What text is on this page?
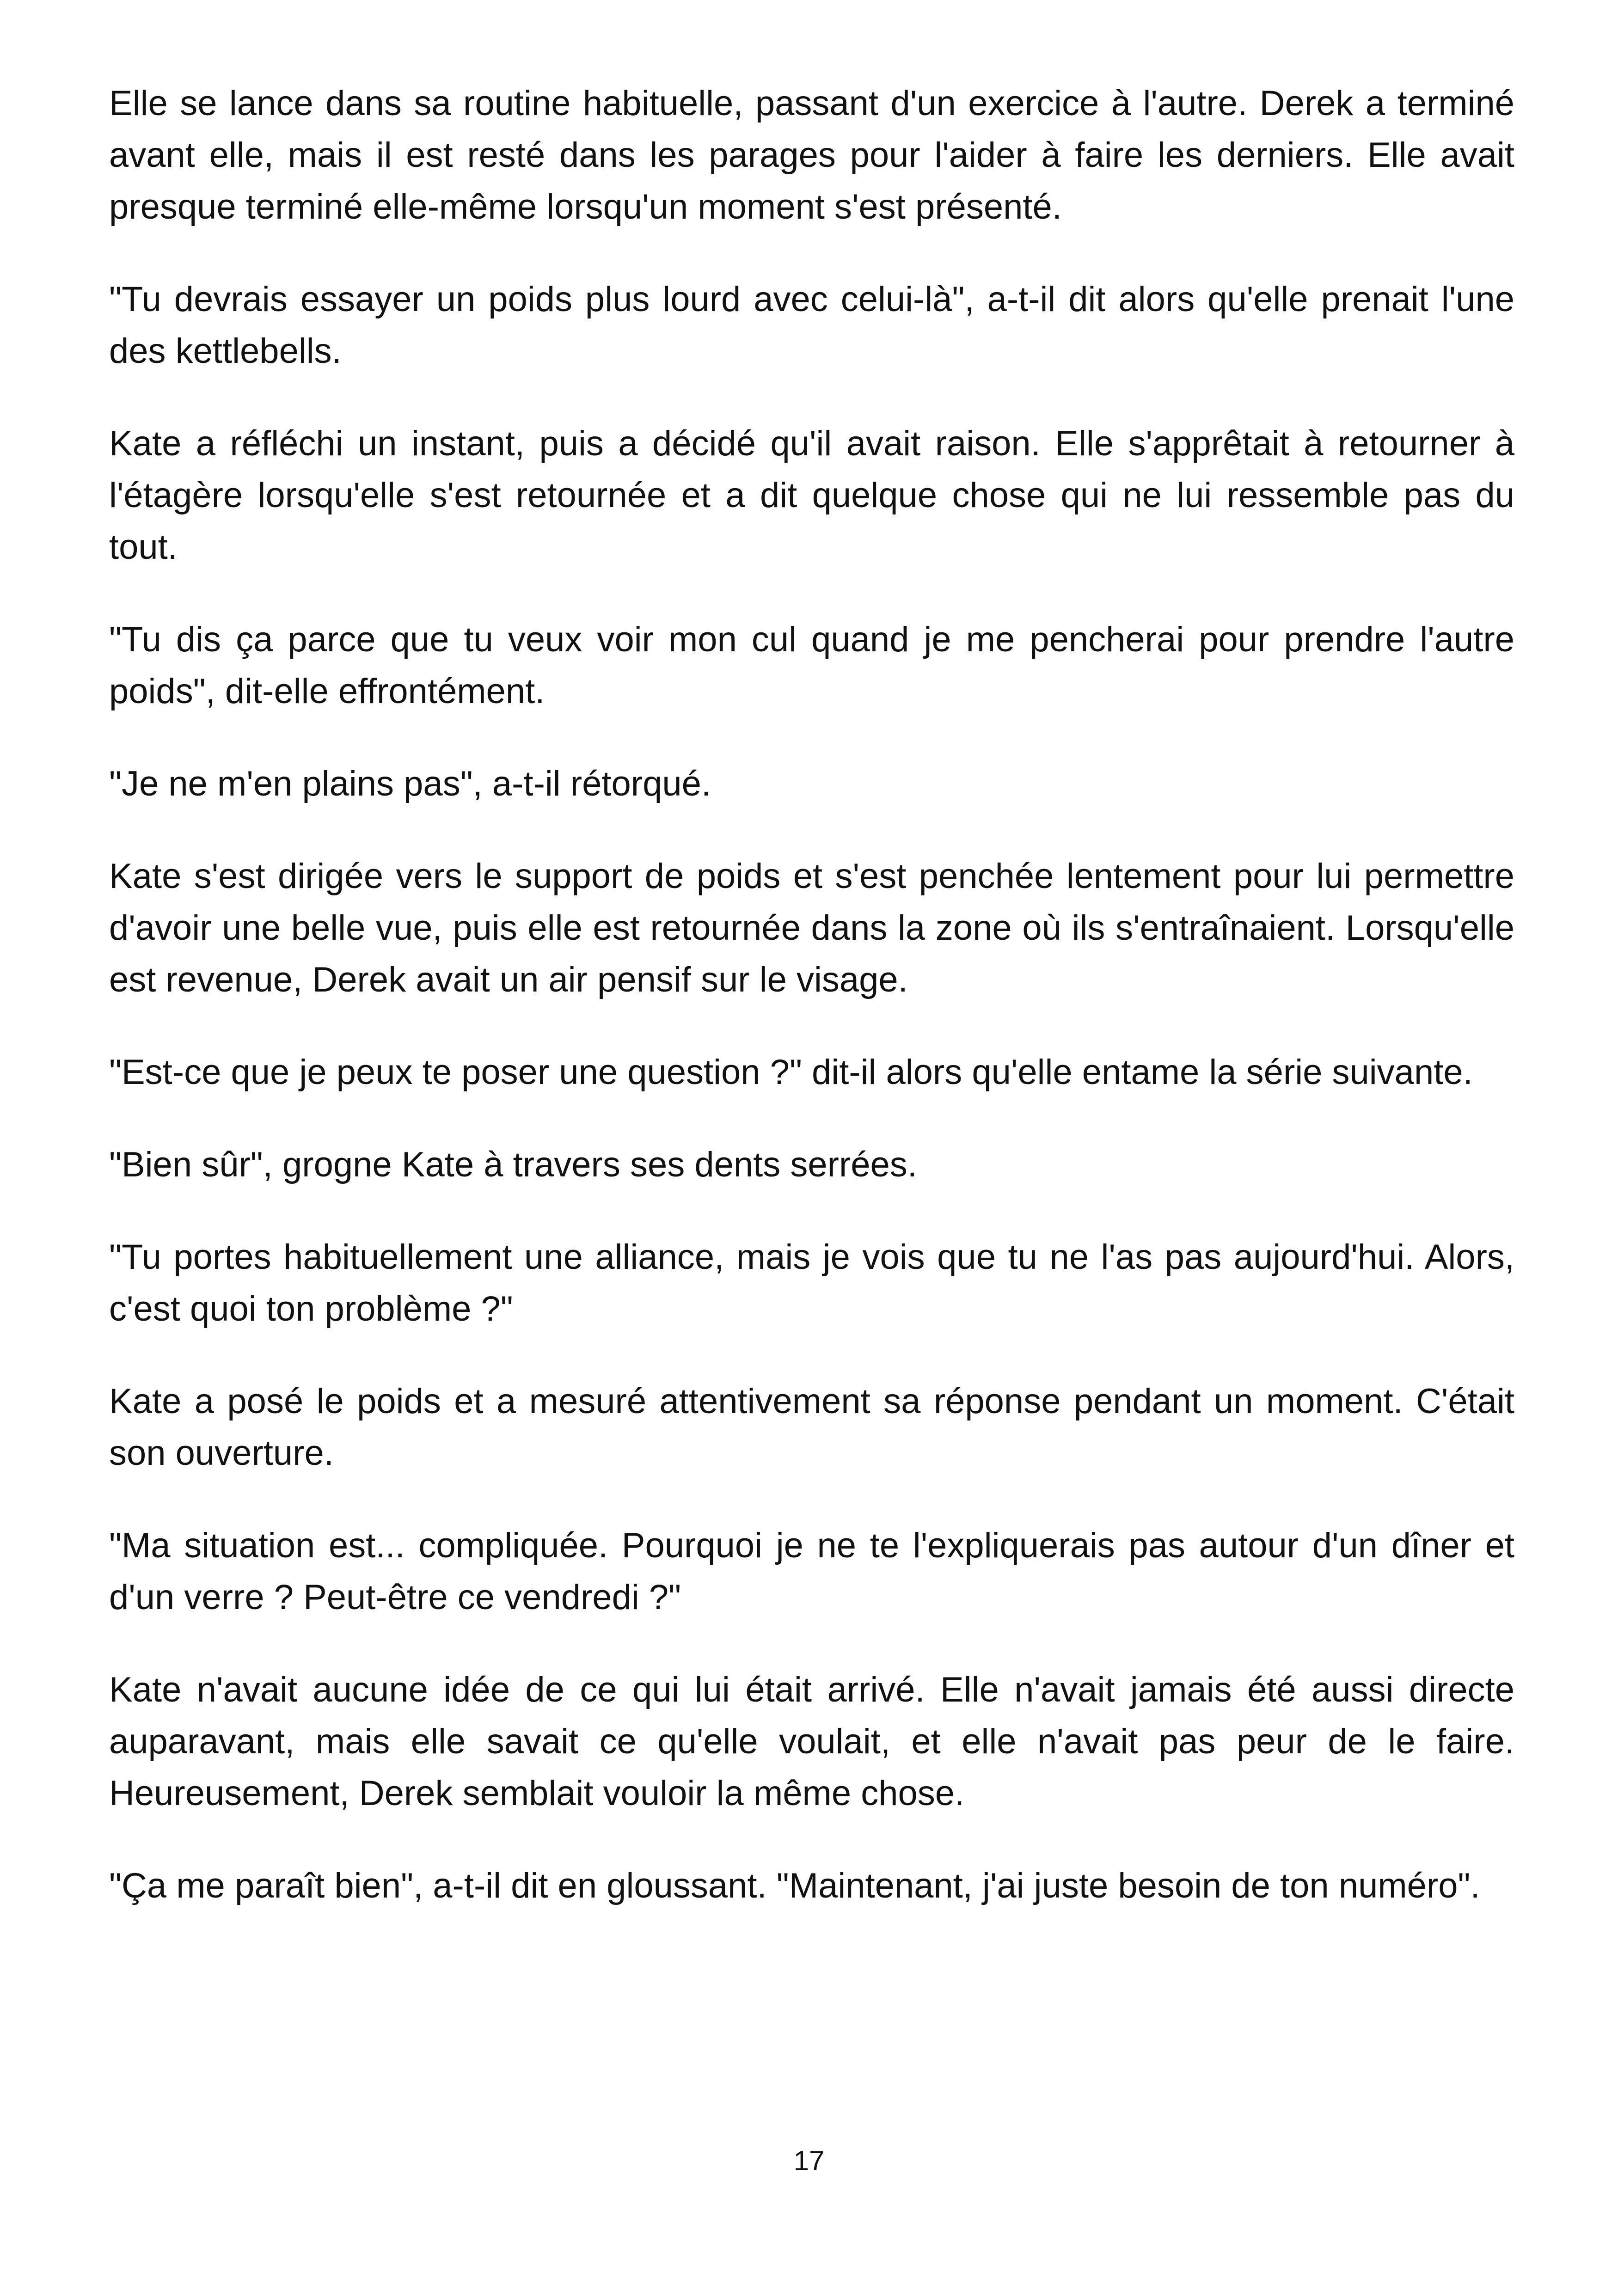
Elle se lance dans sa routine habituelle, passant d'un exercice à l'autre. Derek a terminé avant elle, mais il est resté dans les parages pour l'aider à faire les derniers. Elle avait presque terminé elle-même lorsqu'un moment s'est présenté.

"Tu devrais essayer un poids plus lourd avec celui-là", a-t-il dit alors qu'elle prenait l'une des kettlebells.

Kate a réfléchi un instant, puis a décidé qu'il avait raison. Elle s'apprêtait à retourner à l'étagère lorsqu'elle s'est retournée et a dit quelque chose qui ne lui ressemble pas du tout.

"Tu dis ça parce que tu veux voir mon cul quand je me pencherai pour prendre l'autre poids", dit-elle effrontément.

"Je ne m'en plains pas", a-t-il rétorqué.

Kate s'est dirigée vers le support de poids et s'est penchée lentement pour lui permettre d'avoir une belle vue, puis elle est retournée dans la zone où ils s'entraînaient. Lorsqu'elle est revenue, Derek avait un air pensif sur le visage.

"Est-ce que je peux te poser une question ?" dit-il alors qu'elle entame la série suivante.

"Bien sûr", grogne Kate à travers ses dents serrées.

"Tu portes habituellement une alliance, mais je vois que tu ne l'as pas aujourd'hui. Alors, c'est quoi ton problème ?"

Kate a posé le poids et a mesuré attentivement sa réponse pendant un moment. C'était son ouverture.

"Ma situation est... compliquée. Pourquoi je ne te l'expliquerais pas autour d'un dîner et d'un verre ? Peut-être ce vendredi ?"

Kate n'avait aucune idée de ce qui lui était arrivé. Elle n'avait jamais été aussi directe auparavant, mais elle savait ce qu'elle voulait, et elle n'avait pas peur de le faire. Heureusement, Derek semblait vouloir la même chose.

"Ça me paraît bien", a-t-il dit en gloussant. "Maintenant, j'ai juste besoin de ton numéro".

17
